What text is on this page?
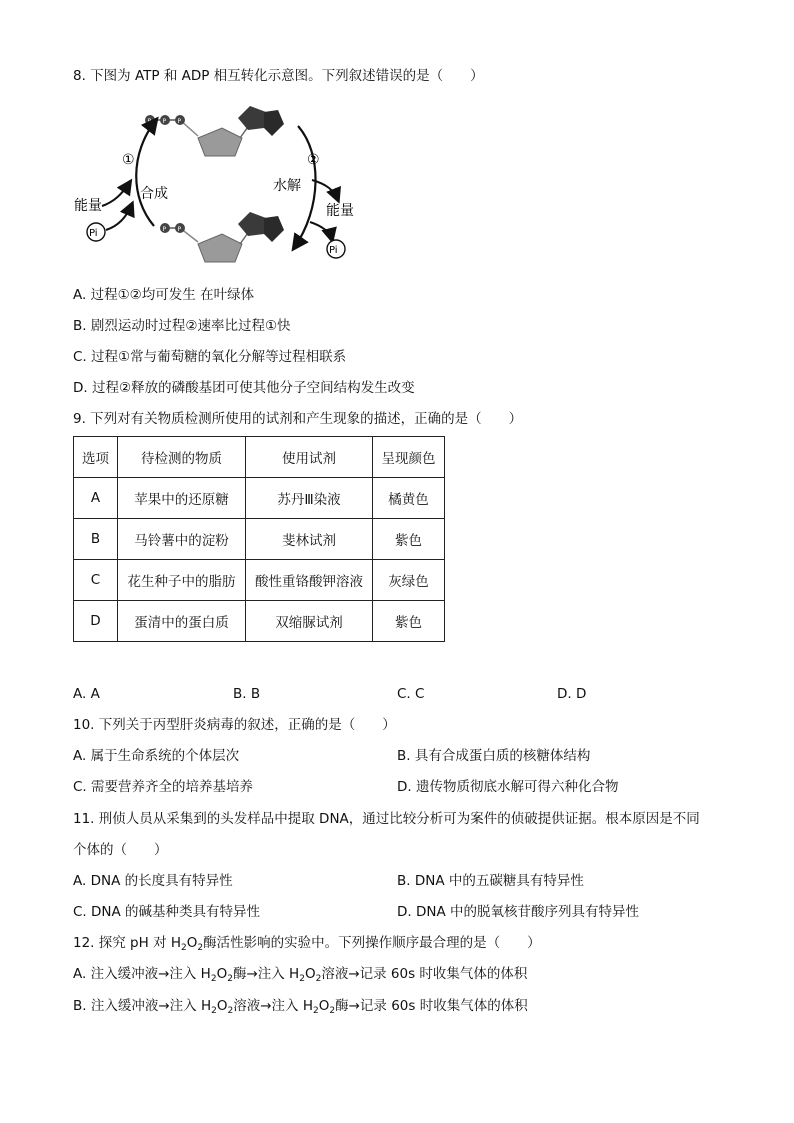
8. 下图为 ATP 和 ADP 相互转化示意图。下列叙述错误的是（　　）
P P P
P P
①	②
合成	水解
能量	能量
Pi
Pi
A. 过程①②均可发生 在叶绿体
B. 剧烈运动时过程②速率比过程①快
C. 过程①常与葡萄糖的氧化分解等过程相联系
D. 过程②释放的磷酸基团可使其他分子空间结构发生改变
9. 下列对有关物质检测所使用的试剂和产生现象的描述，正确的是（　　）
选项	待检测的物质	使用试剂	呈现颜色
A	苹果中的还原糖	苏丹Ⅲ染液	橘黄色
B	马铃薯中的淀粉	斐林试剂	紫色
C	花生种子中的脂肪	酸性重铬酸钾溶液	灰绿色
D	蛋清中的蛋白质	双缩脲试剂	紫色
A. A	B. B	C. C	D. D
10. 下列关于丙型肝炎病毒的叙述，正确的是（　　）
A. 属于生命系统的个体层次	B. 具有合成蛋白质的核糖体结构
C. 需要营养齐全的培养基培养	D. 遗传物质彻底水解可得六种化合物
11. 刑侦人员从采集到的头发样品中提取 DNA，通过比较分析可为案件的侦破提供证据。根本原因是不同
个体的（　　）
A. DNA 的长度具有特异性	B. DNA 中的五碳糖具有特异性
C. DNA 的碱基种类具有特异性	D. DNA 中的脱氧核苷酸序列具有特异性
12. 探究 pH 对 $H_2O_2$酶活性影响的实验中。下列操作顺序最合理的是（　　）
A. 注入缓冲液→注入 $H_2O_2$酶→注入 $H_2O_2$溶液→记录 60s 时收集气体的体积
B. 注入缓冲液→注入 $H_2O_2$溶液→注入 $H_2O_2$酶→记录 60s 时收集气体的体积
